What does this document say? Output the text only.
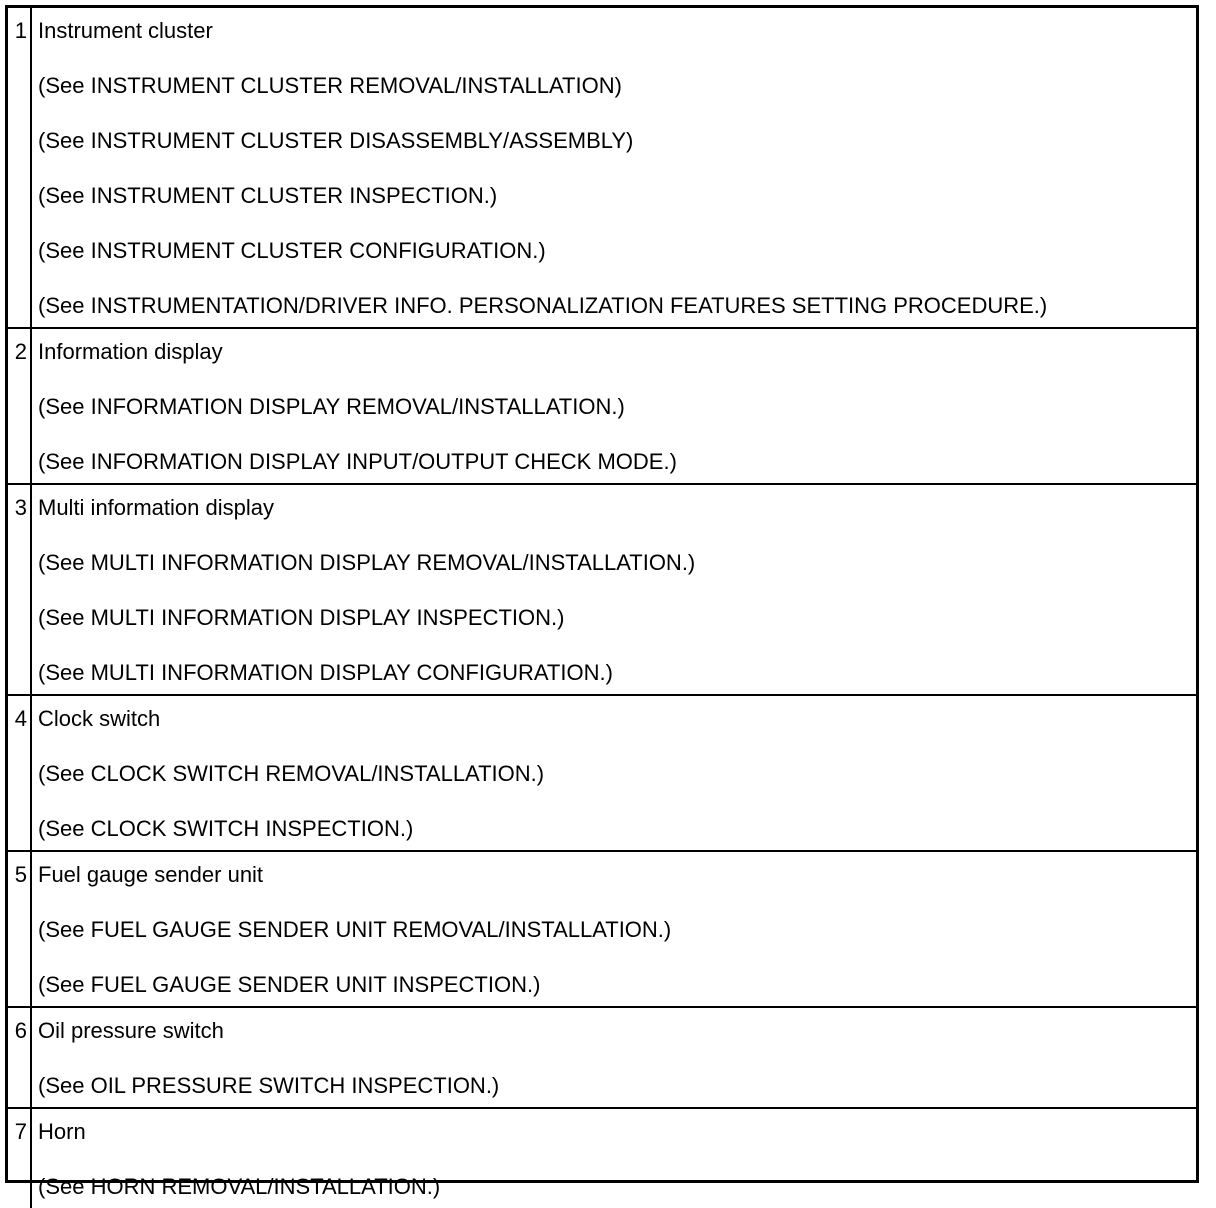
1 Instrument cluster
(See INSTRUMENT CLUSTER REMOVAL/INSTALLATION)
(See INSTRUMENT CLUSTER DISASSEMBLY/ASSEMBLY)
(See INSTRUMENT CLUSTER INSPECTION.)
(See INSTRUMENT CLUSTER CONFIGURATION.)
(See INSTRUMENTATION/DRIVER INFO. PERSONALIZATION FEATURES SETTING PROCEDURE.)
2 Information display
(See INFORMATION DISPLAY REMOVAL/INSTALLATION.)
(See INFORMATION DISPLAY INPUT/OUTPUT CHECK MODE.)
3 Multi information display
(See MULTI INFORMATION DISPLAY REMOVAL/INSTALLATION.)
(See MULTI INFORMATION DISPLAY INSPECTION.)
(See MULTI INFORMATION DISPLAY CONFIGURATION.)
4 Clock switch
(See CLOCK SWITCH REMOVAL/INSTALLATION.)
(See CLOCK SWITCH INSPECTION.)
5 Fuel gauge sender unit
(See FUEL GAUGE SENDER UNIT REMOVAL/INSTALLATION.)
(See FUEL GAUGE SENDER UNIT INSPECTION.)
6 Oil pressure switch
(See OIL PRESSURE SWITCH INSPECTION.)
7 Horn
(See HORN REMOVAL/INSTALLATION.)
